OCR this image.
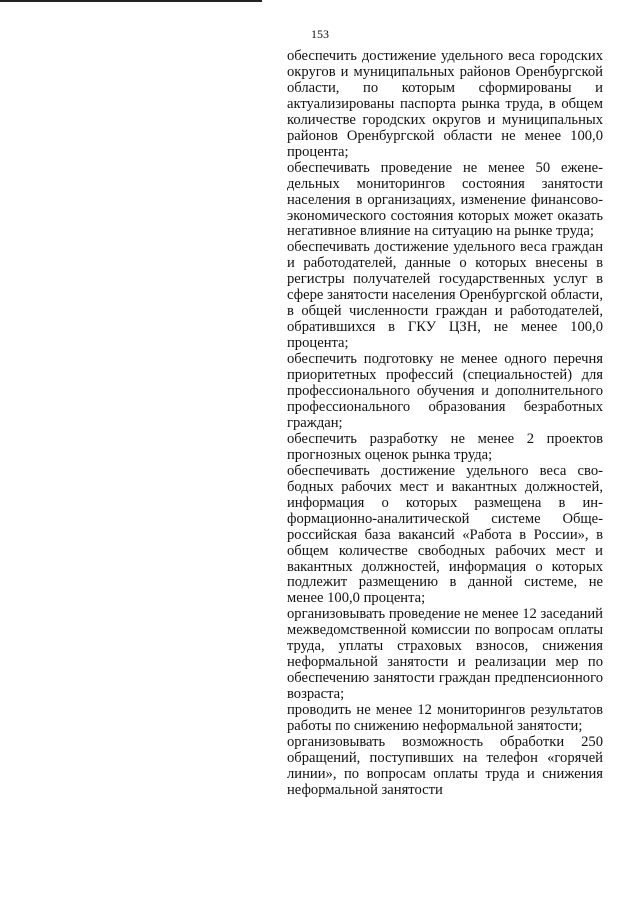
153

обеспечить достижение удельного веса городских округов и муниципальных районов Оренбургской области, по которым сформированы и актуализированы паспорта рынка труда, в общем количестве городских округов и муниципальных районов Оренбургской области не менее 100,0 процента;

обеспечивать проведение не менее 50 еженедельных мониторингов состояния занятости населения в организациях, изменение финансово-экономического состояния которых может оказать негативное влияние на ситуацию на рынке труда;

обеспечивать достижение удельного веса граждан и работодателей, данные о которых внесены в регистры получателей государственных услуг в сфере занятости населения Оренбургской области, в общей численности граждан и работодателей, обратившихся в ГКУ ЦЗН, не менее 100,0 процента;

обеспечить подготовку не менее одного перечня приоритетных профессий (специальностей) для профессионального обучения и дополнительного профессионального образования безработных граждан;

обеспечить разработку не менее 2 проектов прогнозных оценок рынка труда;

обеспечивать достижение удельного веса свободных рабочих мест и вакантных должностей, информация о которых размещена в информационно-аналитической системе Общероссийская база вакансий «Работа в России», в общем количестве свободных рабочих мест и вакантных должностей, информация о которых подлежит размещению в данной системе, не менее 100,0 процента;

организовывать проведение не менее 12 заседаний межведомственной комиссии по вопросам оплаты труда, уплаты страховых взносов, снижения неформальной занятости и реализации мер по обеспечению занятости граждан предпенсионного возраста;

проводить не менее 12 мониторингов результатов работы по снижению неформальной занятости;

организовывать возможность обработки 250 обращений, поступивших на телефон «горячей линии», по вопросам оплаты труда и снижения неформальной занятости
